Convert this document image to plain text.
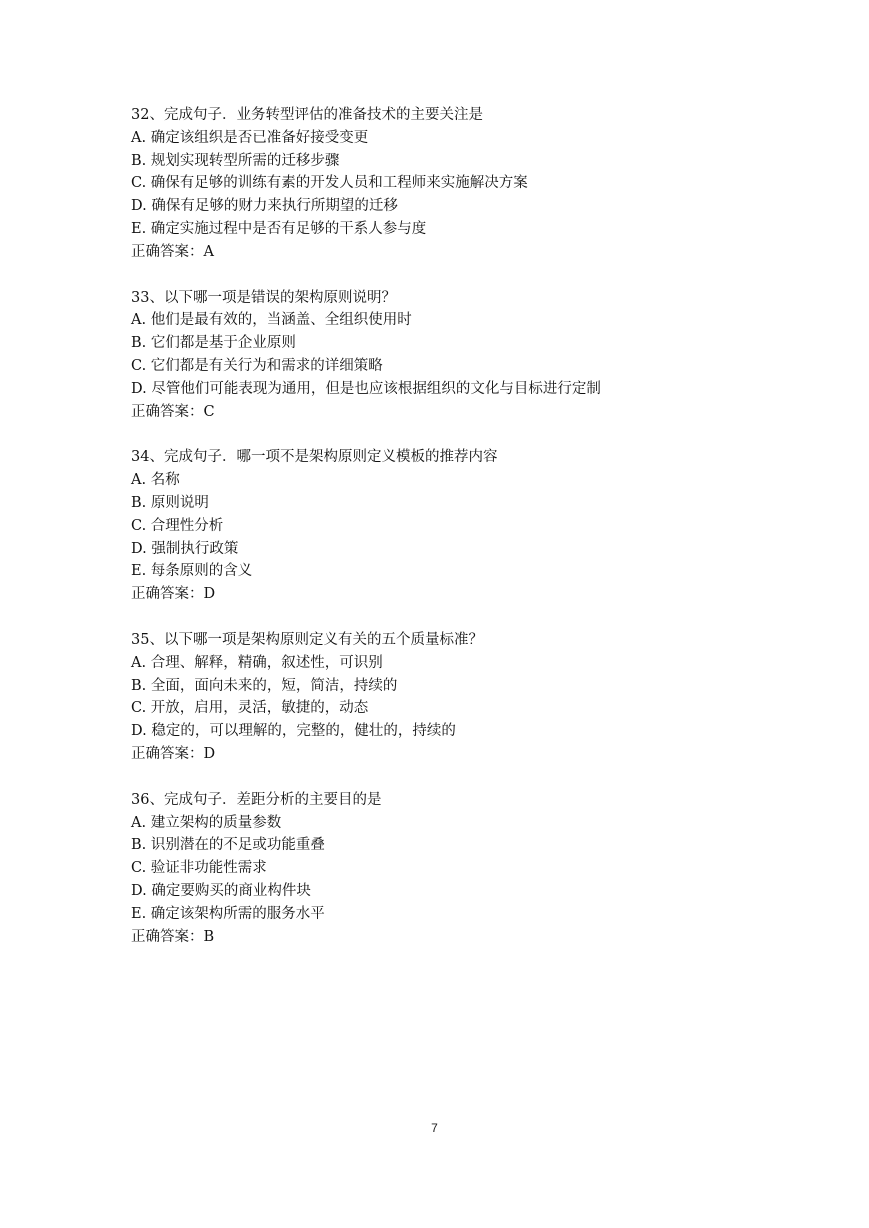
32、完成句子．业务转型评估的准备技术的主要关注是
A. 确定该组织是否已准备好接受变更
B. 规划实现转型所需的迁移步骤
C. 确保有足够的训练有素的开发人员和工程师来实施解决方案
D. 确保有足够的财力来执行所期望的迁移
E. 确定实施过程中是否有足够的干系人参与度
正确答案：A
33、以下哪一项是错误的架构原则说明？
A. 他们是最有效的，当涵盖、全组织使用时
B. 它们都是基于企业原则
C. 它们都是有关行为和需求的详细策略
D. 尽管他们可能表现为通用，但是也应该根据组织的文化与目标进行定制
正确答案：C
34、完成句子．哪一项不是架构原则定义模板的推荐内容
A. 名称
B. 原则说明
C. 合理性分析
D. 强制执行政策
E. 每条原则的含义
正确答案：D
35、以下哪一项是架构原则定义有关的五个质量标准？
A. 合理、解释，精确，叙述性，可识别
B. 全面，面向未来的，短，简洁，持续的
C. 开放，启用，灵活，敏捷的，动态
D. 稳定的，可以理解的，完整的，健壮的，持续的
正确答案：D
36、完成句子．差距分析的主要目的是
A. 建立架构的质量参数
B. 识别潜在的不足或功能重叠
C. 验证非功能性需求
D. 确定要购买的商业构件块
E. 确定该架构所需的服务水平
正确答案：B
7
